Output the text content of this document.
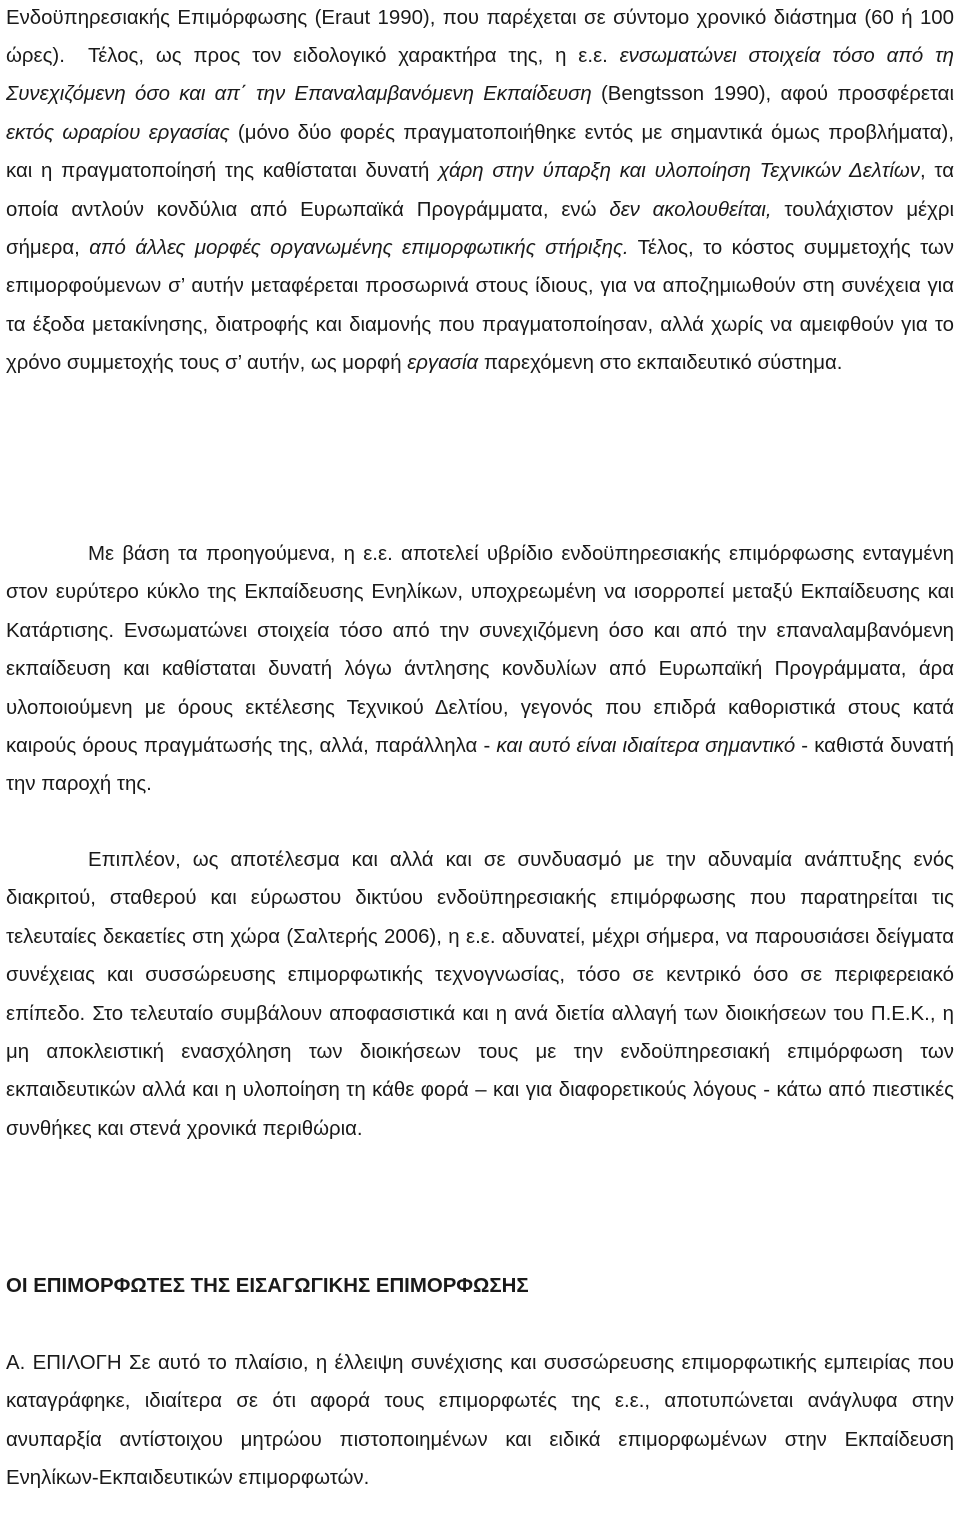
Ενδοϋπηρεσιακής Επιμόρφωσης (Eraut 1990), που παρέχεται σε σύντομο χρονικό διάστημα (60 ή 100 ώρες).	Τέλος, ως προς τον ειδολογικό χαρακτήρα της, η ε.ε. ενσωματώνει στοιχεία τόσο από τη Συνεχιζόμενη όσο και απ΄ την Επαναλαμβανόμενη Εκπαίδευση (Bengtsson 1990), αφού προσφέρεται εκτός ωραρίου εργασίας (μόνο δύο φορές πραγματοποιήθηκε εντός με σημαντικά όμως προβλήματα), και η πραγματοποίησή της καθίσταται δυνατή χάρη στην ύπαρξη και υλοποίηση Τεχνικών Δελτίων, τα οποία αντλούν κονδύλια από Ευρωπαϊκά Προγράμματα, ενώ δεν ακολουθείται, τουλάχιστον μέχρι σήμερα, από άλλες μορφές οργανωμένης επιμορφωτικής στήριξης. Τέλος, το κόστος συμμετοχής των επιμορφούμενων σ’ αυτήν μεταφέρεται προσωρινά στους ίδιους, για να αποζημιωθούν στη συνέχεια για τα έξοδα μετακίνησης, διατροφής και διαμονής που πραγματοποίησαν, αλλά χωρίς να αμειφθούν για το χρόνο συμμετοχής τους σ’ αυτήν, ως μορφή εργασία παρεχόμενη στο εκπαιδευτικό σύστημα.

Με βάση τα προηγούμενα, η ε.ε. αποτελεί υβρίδιο ενδοϋπηρεσιακής επιμόρφωσης ενταγμένη στον ευρύτερο κύκλο της Εκπαίδευσης Ενηλίκων, υποχρεωμένη να ισορροπεί μεταξύ Εκπαίδευσης και Κατάρτισης. Ενσωματώνει στοιχεία τόσο από την συνεχιζόμενη όσο και από την επαναλαμβανόμενη εκπαίδευση και καθίσταται δυνατή λόγω άντλησης κονδυλίων από Ευρωπαϊκή Προγράμματα, άρα υλοποιούμενη με όρους εκτέλεσης Τεχνικού Δελτίου, γεγονός που επιδρά καθοριστικά στους κατά καιρούς όρους πραγμάτωσής της, αλλά, παράλληλα - και αυτό είναι ιδιαίτερα σημαντικό - καθιστά δυνατή την παροχή της.

Επιπλέον, ως αποτέλεσμα και αλλά και σε συνδυασμό με την αδυναμία ανάπτυξης ενός διακριτού, σταθερού και εύρωστου δικτύου ενδοϋπηρεσιακής επιμόρφωσης που παρατηρείται τις τελευταίες δεκαετίες στη χώρα (Σαλτερής 2006), η ε.ε. αδυνατεί, μέχρι σήμερα, να παρουσιάσει δείγματα συνέχειας και συσσώρευσης επιμορφωτικής τεχνογνωσίας, τόσο σε κεντρικό όσο σε περιφερειακό επίπεδο. Στο τελευταίο συμβάλουν αποφασιστικά και η ανά διετία αλλαγή των διοικήσεων του Π.Ε.Κ., η μη αποκλειστική ενασχόληση των διοικήσεων τους με την ενδοϋπηρεσιακή επιμόρφωση των εκπαιδευτικών αλλά και η υλοποίηση τη κάθε φορά – και για διαφορετικούς λόγους - κάτω από πιεστικές συνθήκες και στενά χρονικά περιθώρια.

ΟΙ ΕΠΙΜΟΡΦΩΤΕΣ ΤΗΣ ΕΙΣΑΓΩΓΙΚΗΣ ΕΠΙΜΟΡΦΩΣΗΣ

Α. ΕΠΙΛΟΓΗ Σε αυτό το πλαίσιο, η έλλειψη συνέχισης και συσσώρευσης επιμορφωτικής εμπειρίας που καταγράφηκε, ιδιαίτερα σε ότι αφορά τους επιμορφωτές της ε.ε., αποτυπώνεται ανάγλυφα στην ανυπαρξία αντίστοιχου μητρώου πιστοποιημένων και ειδικά επιμορφωμένων στην Εκπαίδευση Ενηλίκων-Εκπαιδευτικών επιμορφωτών.
